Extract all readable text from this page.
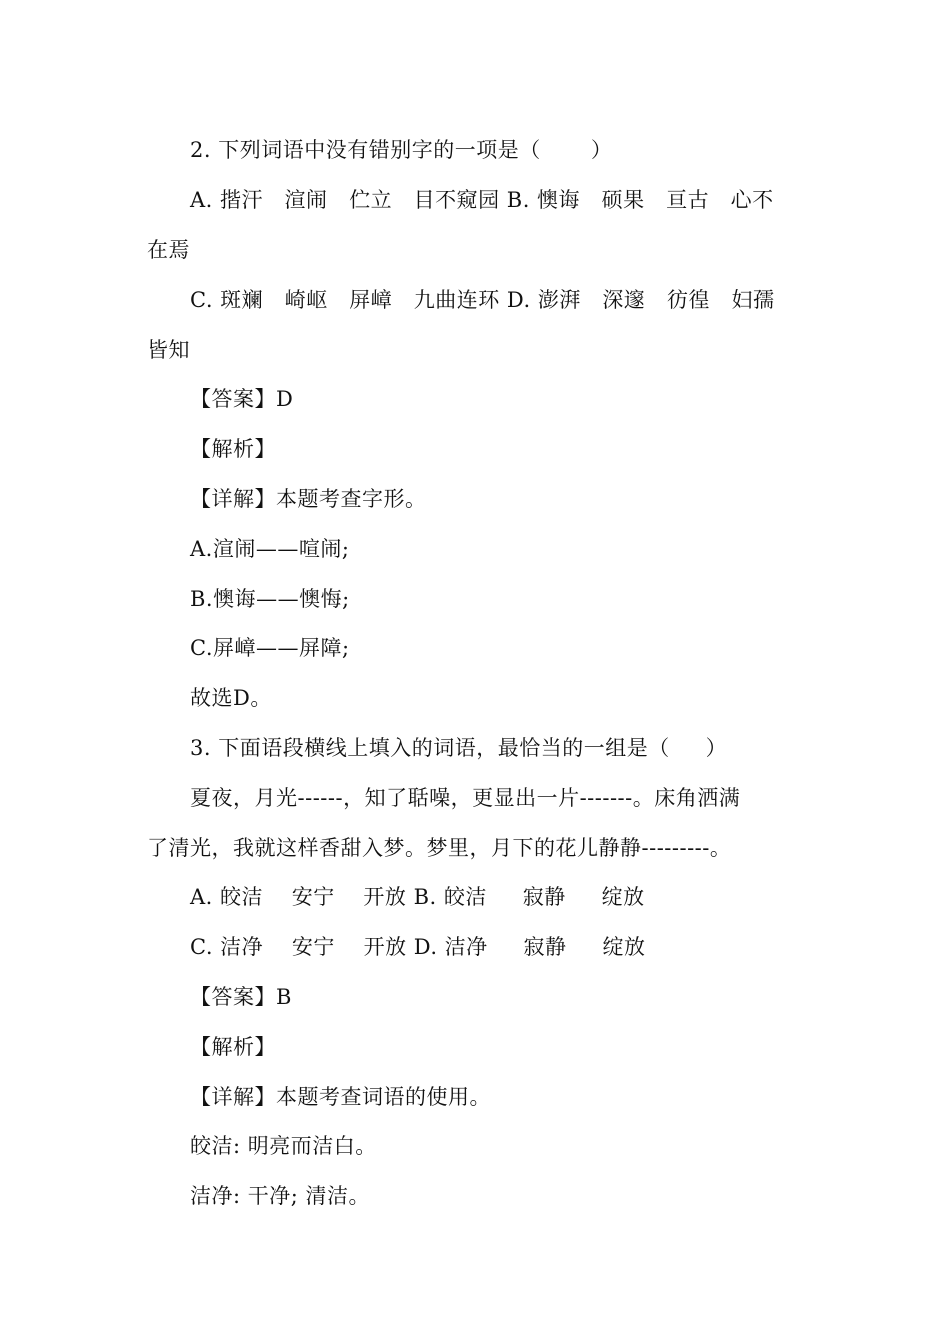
2. 下列词语中没有错别字的一项是（       ）
A. 揩汗   渲闹   伫立   目不窥园 B. 懊诲   硕果   亘古   心不
在焉
C. 斑斓   崎岖   屏嶂   九曲连环 D. 澎湃   深邃   彷徨   妇孺
皆知
【答案】D
【解析】
【详解】本题考查字形。
A.渲闹——喧闹;
B.懊诲——懊悔;
C.屏嶂——屏障;
故选D。
3. 下面语段横线上填入的词语，最恰当的一组是（     ）
夏夜，月光------，知了聒噪，更显出一片-------。床角洒满
了清光，我就这样香甜入梦。梦里，月下的花儿静静---------。
A. 皎洁    安宁    开放 B. 皎洁     寂静     绽放
C. 洁净    安宁    开放 D. 洁净     寂静     绽放
【答案】B
【解析】
【详解】本题考查词语的使用。
皎洁: 明亮而洁白。
洁净: 干净; 清洁。
